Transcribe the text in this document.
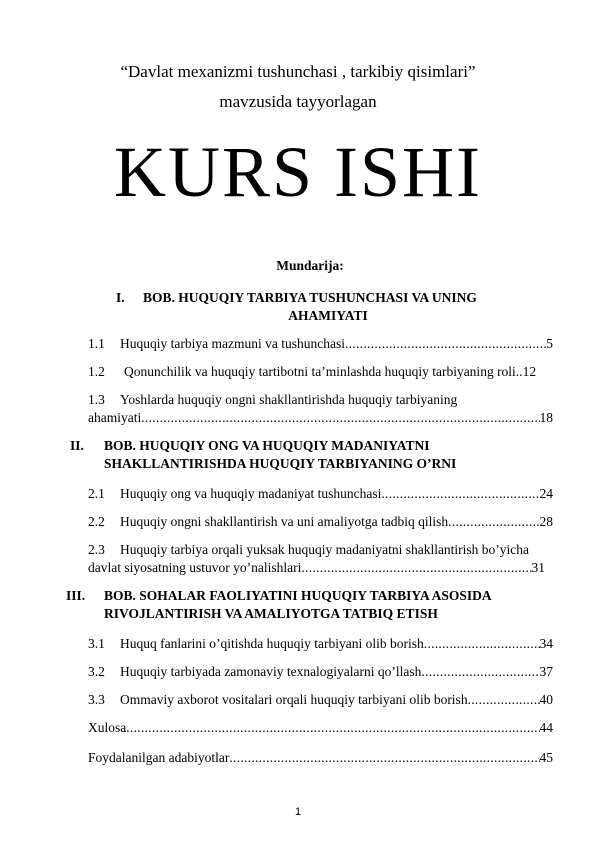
“Davlat mexanizmi tushunchasi , tarkibiy qisimlari”
mavzusida tayyorlagan
KURS ISHI
Mundarija:
I. BOB. HUQUQIY TARBIYA TUSHUNCHASI VA UNING
AHAMIYATI
1.1 Huquqiy tarbiya mazmuni va tushunchasi .....	5
1.2 Qonunchilik va huquqiy tartibotni ta’minlashda huquqiy tarbiyaning roli.. 12
1.3 Yoshlarda huquqiy ongni shakllantirishda huquqiy tarbiyaning
ahamiyati .....	18
II. BOB. HUQUQIY ONG VA HUQUQIY MADANIYATNI
SHAKLLANTIRISHDA HUQUQIY TARBIYANING O’RNI
2.1 Huquqiy ong va huquqiy madaniyat tushunchasi .....	24
2.2 Huquqiy ongni shakllantirish va uni amaliyotga tadbiq qilish .....	28
2.3 Huquqiy tarbiya orqali yuksak huquqiy madaniyatni shakllantirish bo’yicha
davlat siyosatning ustuvor yo’nalishlari .....	31
III. BOB. SOHALAR FAOLIYATINI HUQUQIY TARBIYA ASOSIDA
RIVOJLANTIRISH VA AMALIYOTGA TATBIQ ETISH
3.1 Huquq fanlarini o’qitishda huquqiy tarbiyani olib borish .....	34
3.2 Huquqiy tarbiyada zamonaviy texnalogiyalarni qo’llash .....	37
3.3 Ommaviy axborot vositalari orqali huquqiy tarbiyani olib borish .....	40
Xulosa .....	44
Foydalanilgan adabiyotlar .....	45
1
